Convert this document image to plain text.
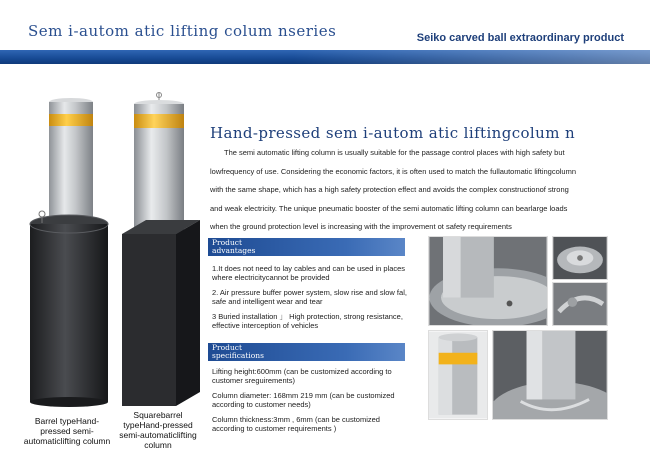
Sem i-autom atic lifting colum nseries	Seiko carved ball extraordinary product
Barrel typeHand-
pressed semi-
automaticlifting column
Squarebarrel
typeHand-pressed
semi-automaticlifting
column
Hand-pressed sem i-autom atic liftingcolum n

The semi automatic lifting column is usually suitable for the passage control places with high safety but

lowfrequency of use. Considering the economic factors, it is often used to match the fullautomatic liftingcolumn

with the same shape, which has a high safety protection effect and avoids the complex constructionof strong

and weak electricity. The unique pneumatic booster of the semi automatic lifting column can bearlarge loads

when the ground protection level is increasing with the improvement ot safety requirements

Product
advantages
1.It does not need to lay cables and can be used in places where electricitycannot be provided
2. Air pressure buffer power system, slow rise and slow fal, safe and intelligent wear and tear
3 Buried installation 」 High protection, strong resistance, effective interception of vehicles
Product
specifications
Lifting height:600mm (can be customized according to customer sreguirements)
Column diameter: 168mm 219 mm (can be customized according to customer needs)
Column thickness:3mm , 6mm (can be customized according to customer requirements )
